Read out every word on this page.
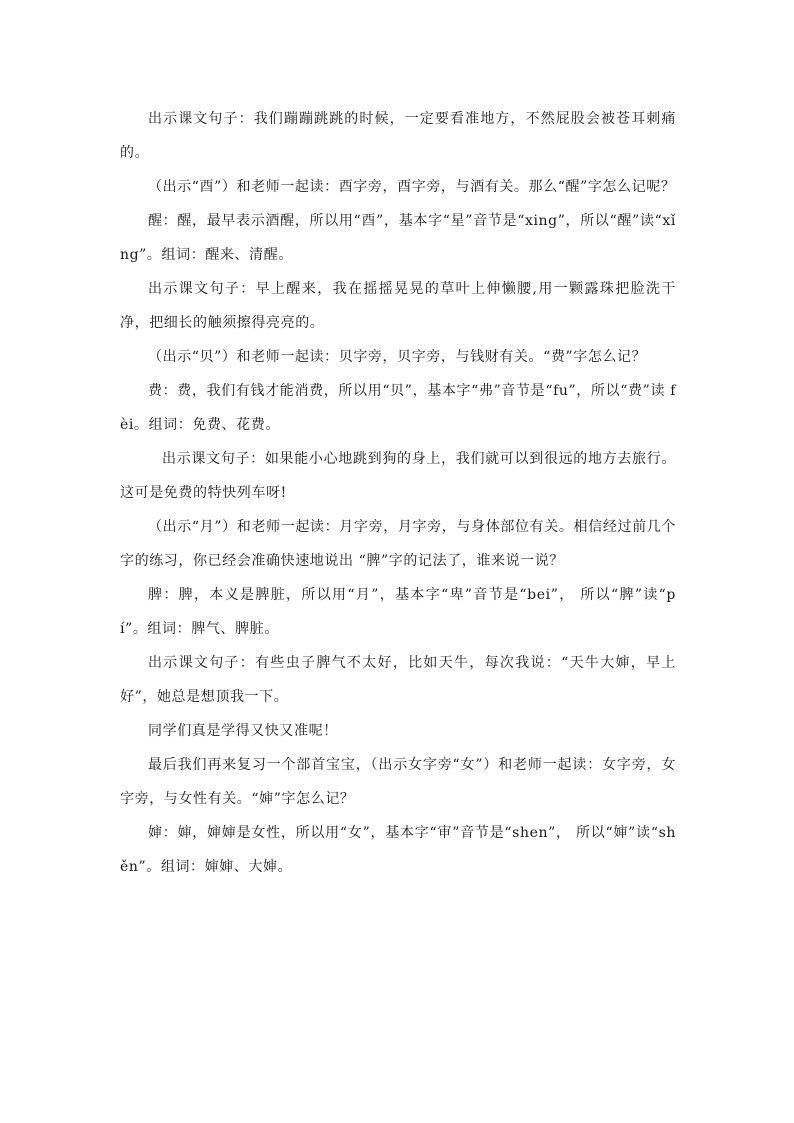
出示课文句子：我们蹦蹦跳跳的时候，一定要看准地方，不然屁股会被苍耳刺痛的。

（出示“酉”）和老师一起读：酉字旁，酉字旁，与酒有关。那么“醒”字怎么记呢？

醒：醒，最早表示酒醒，所以用“酉”，基本字“星”音节是“xing”，所以“醒”读“xǐng”。组词：醒来、清醒。

出示课文句子：早上醒来，我在摇摇晃晃的草叶上伸懒腰,用一颗露珠把脸洗干净，把细长的触须擦得亮亮的。

（出示“贝”）和老师一起读：贝字旁，贝字旁，与钱财有关。“费”字怎么记？

费：费，我们有钱才能消费，所以用“贝”，基本字“弗”音节是“fu”，所以“费”读 fèi。组词：免费、花费。

出示课文句子：如果能小心地跳到狗的身上，我们就可以到很远的地方去旅行。这可是免费的特快列车呀!

（出示“月”）和老师一起读：月字旁，月字旁，与身体部位有关。相信经过前几个字的练习，你已经会准确快速地说出 “脾”字的记法了，谁来说一说？

脾：脾，本义是脾脏，所以用“月”，基本字“卑”音节是“bei”， 所以“脾”读“pí”。组词：脾气、脾脏。

出示课文句子：有些虫子脾气不太好，比如天牛，每次我说：“天牛大婶，早上好”，她总是想顶我一下。

同学们真是学得又快又准呢！

最后我们再来复习一个部首宝宝，（出示女字旁“女”）和老师一起读：女字旁，女字旁，与女性有关。“婶”字怎么记？

婶：婶，婶婶是女性，所以用“女”，基本字“审”音节是“shen”， 所以“婶”读“shěn”。组词：婶婶、大婶。
